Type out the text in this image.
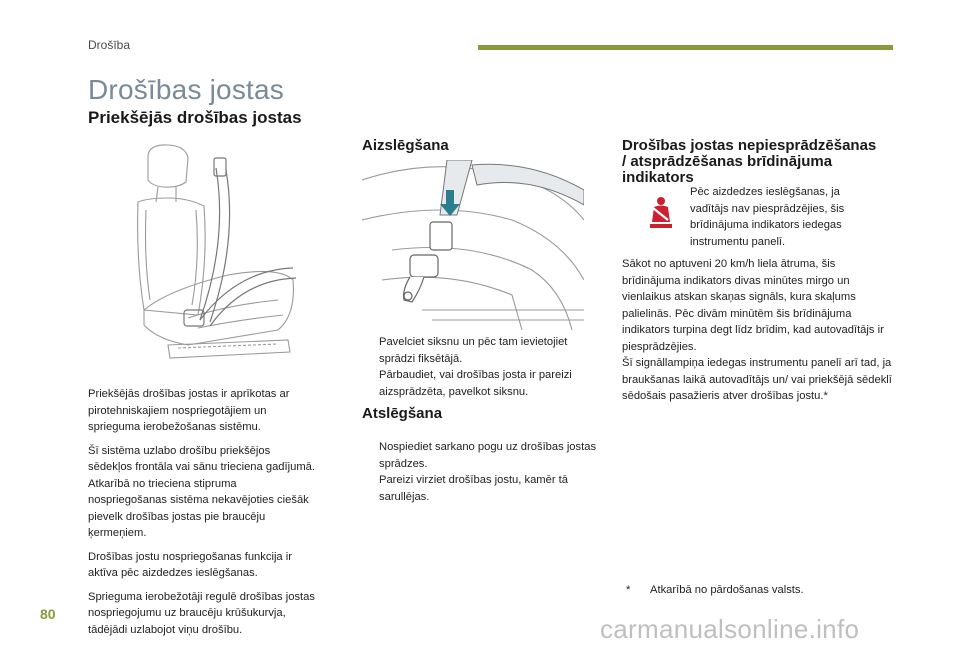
Drošība
Drošības jostas
Priekšējās drošības jostas

Priekšējās drošības jostas ir aprīkotas ar pirotehniskajiem nospriegotājiem un sprieguma ierobežošanas sistēmu.

Šī sistēma uzlabo drošību priekšējos sēdekļos frontāla vai sānu trieciena gadījumā. Atkarībā no trieciena stipruma nospriegošanas sistēma nekavējoties ciešāk pievelk drošības jostas pie braucēju ķermeņiem.

Drošības jostu nospriegošanas funkcija ir aktīva pēc aizdedzes ieslēgšanas.

Sprieguma ierobežotāji regulē drošības jostas nospriegojumu uz braucēju krūšukurvja, tādējādi uzlabojot viņu drošību.

Aizslēgšana
Pavelciet siksnu un pēc tam ievietojiet sprādzi fiksētājā.
Pārbaudiet, vai drošības josta ir pareizi aizsprādzēta, pavelkot siksnu.
Atslēgšana
Nospiediet sarkano pogu uz drošības jostas sprādzes.
Pareizi virziet drošības jostu, kamēr tā sarullējas.
Drošības jostas nepiesprādzēšanas
/ atsprādzēšanas brīdinājuma
indikators
Pēc aizdedzes ieslēgšanas, ja vadītājs nav piesprādzējies, šis brīdinājuma indikators iedegas instrumentu panelī.

Sākot no aptuveni 20 km/h liela ātruma, šis brīdinājuma indikators divas minūtes mirgo un vienlaikus atskan skaņas signāls, kura skaļums palielinās. Pēc divām minūtēm šis brīdinājuma indikators turpina degt līdz brīdim, kad autovadītājs ir piesprādzējies.

Šī signāllampiņa iedegas instrumentu panelī arī tad, ja braukšanas laikā autovadītājs un/ vai priekšējā sēdeklī sēdošais pasažieris atver drošības jostu.*

* Atkarībā no pārdošanas valsts.
80	carmanualsonline.info
